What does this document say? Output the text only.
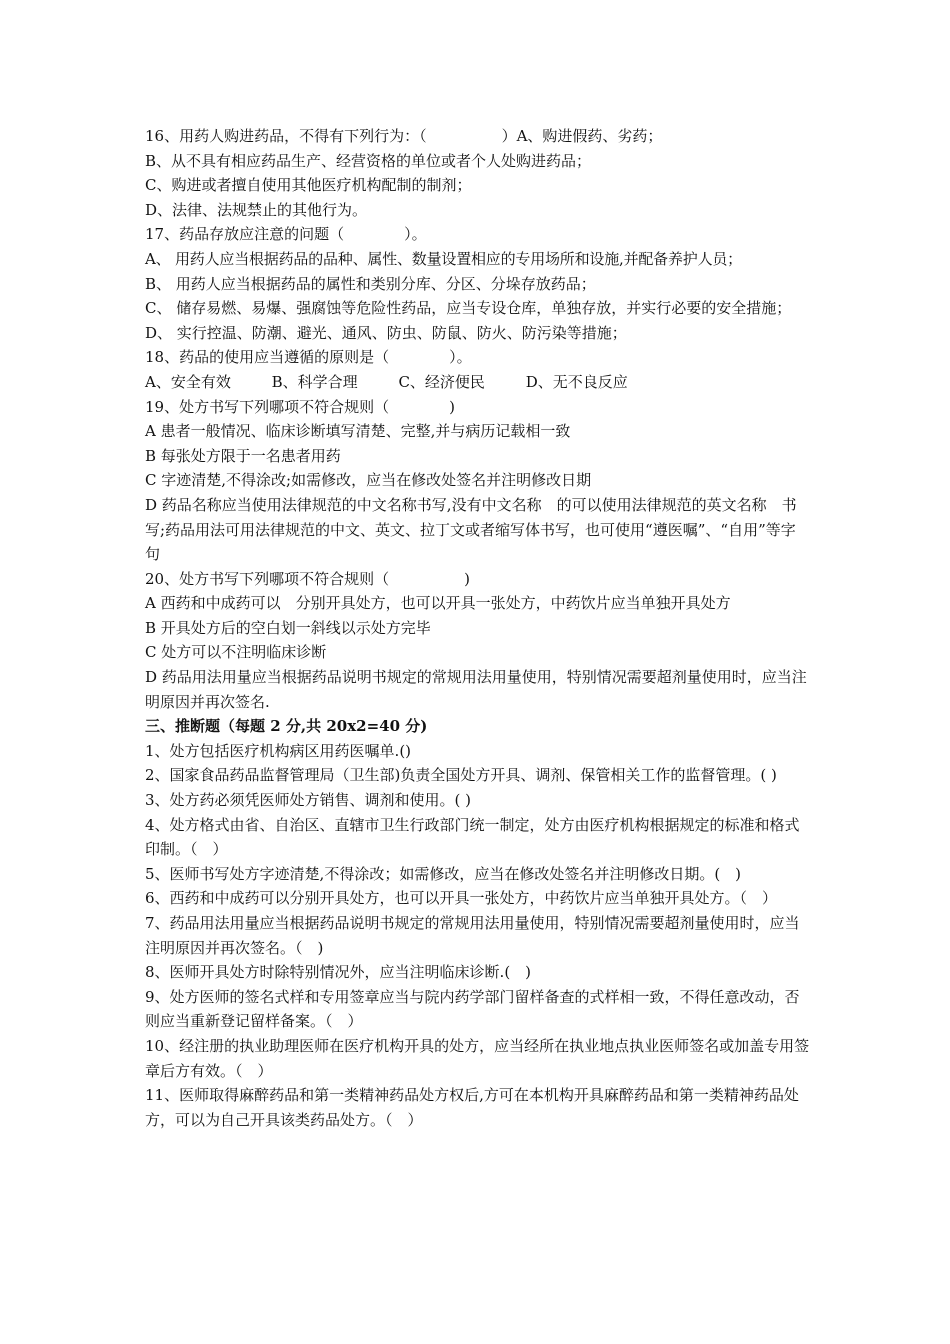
16、用药人购进药品，不得有下列行为：（　　　　　）A、购进假药、劣药；
B、从不具有相应药品生产、经营资格的单位或者个人处购进药品；
C、购进或者擅自使用其他医疗机构配制的制剂；
D、法律、法规禁止的其他行为。
17、药品存放应注意的问题（　　　　）。
A、 用药人应当根据药品的品种、属性、数量设置相应的专用场所和设施,并配备养护人员；
B、 用药人应当根据药品的属性和类别分库、分区、分垛存放药品；
C、 储存易燃、易爆、强腐蚀等危险性药品，应当专设仓库，单独存放，并实行必要的安全措施；
D、 实行控温、防潮、避光、通风、防虫、防鼠、防火、防污染等措施；
18、药品的使用应当遵循的原则是（　　　　）。
A、安全有效	B、科学合理	C、经济便民	D、无不良反应
19、处方书写下列哪项不符合规则（　　　　)
A 患者一般情况、临床诊断填写清楚、完整,并与病历记载相一致
B 每张处方限于一名患者用药
C 字迹清楚,不得涂改;如需修改，应当在修改处签名并注明修改日期
D 药品名称应当使用法律规范的中文名称书写,没有中文名称　的可以使用法律规范的英文名称　书写;药品用法可用法律规范的中文、英文、拉丁文或者缩写体书写，也可使用“遵医嘱”、“自用”等字句
20、处方书写下列哪项不符合规则（　　　　　)
A 西药和中成药可以　分别开具处方，也可以开具一张处方，中药饮片应当单独开具处方
B 开具处方后的空白划一斜线以示处方完毕
C 处方可以不注明临床诊断
D 药品用法用量应当根据药品说明书规定的常规用法用量使用，特别情况需要超剂量使用时，应当注明原因并再次签名.
三、推断题（每题 2 分,共 20x2=40 分)
1、处方包括医疗机构病区用药医嘱单.()
2、国家食品药品监督管理局（卫生部)负责全国处方开具、调剂、保管相关工作的监督管理。( )
3、处方药必须凭医师处方销售、调剂和使用。( )
4、处方格式由省、自治区、直辖市卫生行政部门统一制定，处方由医疗机构根据规定的标准和格式印制。（　）
5、医师书写处方字迹清楚,不得涂改；如需修改，应当在修改处签名并注明修改日期。(　)
6、西药和中成药可以分别开具处方，也可以开具一张处方，中药饮片应当单独开具处方。（　）
7、药品用法用量应当根据药品说明书规定的常规用法用量使用，特别情况需要超剂量使用时，应当注明原因并再次签名。（　)
8、医师开具处方时除特别情况外，应当注明临床诊断.(　)
9、处方医师的签名式样和专用签章应当与院内药学部门留样备查的式样相一致，不得任意改动，否则应当重新登记留样备案。（　）
10、经注册的执业助理医师在医疗机构开具的处方，应当经所在执业地点执业医师签名或加盖专用签章后方有效。（　）
11、医师取得麻醉药品和第一类精神药品处方权后,方可在本机构开具麻醉药品和第一类精神药品处方，可以为自己开具该类药品处方。（　）
